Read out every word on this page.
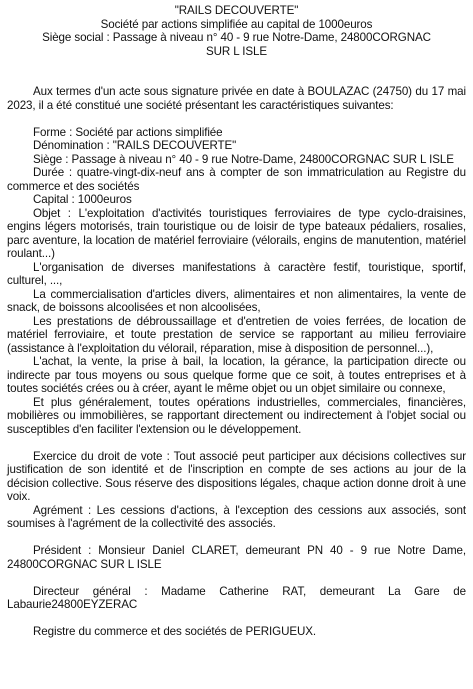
"RAILS DECOUVERTE"
Société par actions simplifiée au capital de 1000euros
Siège social : Passage à niveau n° 40 - 9 rue Notre-Dame, 24800CORGNAC
SUR L ISLE

Aux termes d'un acte sous signature privée en date à BOULAZAC (24750) du 17 mai 2023, il a été constitué une société présentant les caractéristiques suivantes:

Forme : Société par actions simplifiée

Dénomination : "RAILS DECOUVERTE"

Siège : Passage à niveau n° 40 - 9 rue Notre-Dame, 24800CORGNAC SUR L ISLE

Durée : quatre-vingt-dix-neuf ans à compter de son immatriculation au Registre du commerce et des sociétés

Capital : 1000euros

Objet : L'exploitation d'activités touristiques ferroviaires de type cyclo-draisines, engins légers motorisés, train touristique ou de loisir de type bateaux pédaliers, rosalies, parc aventure, la location de matériel ferroviaire (vélorails, engins de manutention, matériel roulant...)

L'organisation de diverses manifestations à caractère festif, touristique, sportif, culturel, ...,

La commercialisation d'articles divers, alimentaires et non alimentaires, la vente de snack, de boissons alcoolisées et non alcoolisées,

Les prestations de débroussaillage et d'entretien de voies ferrées, de location de matériel ferroviaire, et toute prestation de service se rapportant au milieu ferroviaire (assistance à l'exploitation du vélorail, réparation, mise à disposition de personnel...),

L'achat, la vente, la prise à bail, la location, la gérance, la participation directe ou indirecte par tous moyens ou sous quelque forme que ce soit, à toutes entreprises et à toutes sociétés crées ou à créer, ayant le même objet ou un objet similaire ou connexe,

Et plus généralement, toutes opérations industrielles, commerciales, financières, mobilières ou immobilières, se rapportant directement ou indirectement à l'objet social ou susceptibles d'en faciliter l'extension ou le développement.

Exercice du droit de vote : Tout associé peut participer aux décisions collectives sur justification de son identité et de l'inscription en compte de ses actions au jour de la décision collective. Sous réserve des dispositions légales, chaque action donne droit à une voix.

Agrément : Les cessions d'actions, à l'exception des cessions aux associés, sont soumises à l'agrément de la collectivité des associés.

Président : Monsieur Daniel CLARET, demeurant PN 40 - 9 rue Notre Dame, 24800CORGNAC SUR L ISLE

Directeur général : Madame Catherine RAT, demeurant La Gare de Labaurie24800EYZERAC

Registre du commerce et des sociétés de PERIGUEUX.
